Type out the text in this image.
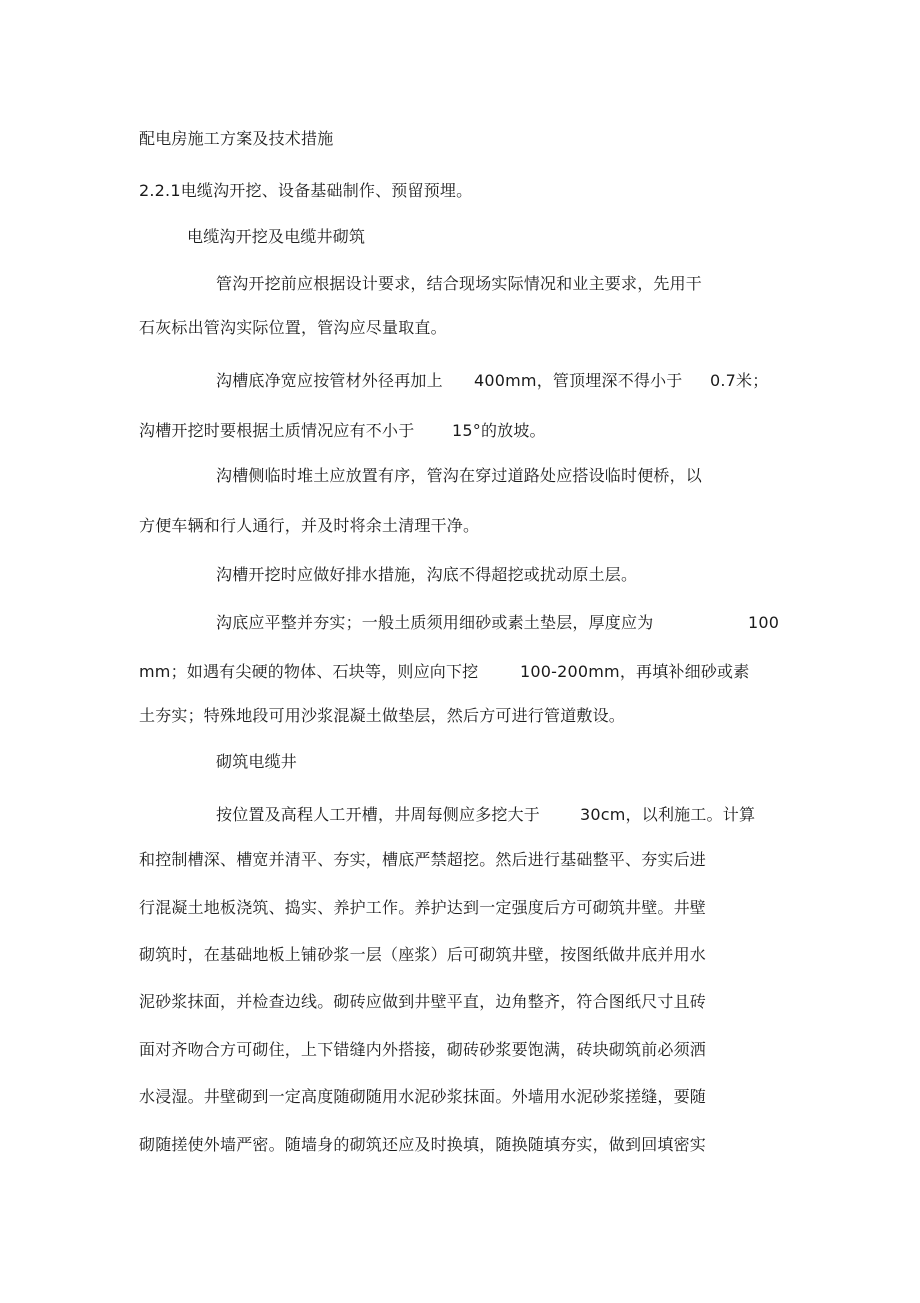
配电房施工方案及技术措施
2.2.1电缆沟开挖、设备基础制作、预留预埋。
电缆沟开挖及电缆井砌筑
管沟开挖前应根据设计要求，结合现场实际情况和业主要求，先用干
石灰标出管沟实际位置，管沟应尽量取直。
沟槽底净宽应按管材外径再加上 400mm，管顶埋深不得小于 0.7米；
沟槽开挖时要根据土质情况应有不小于 15°的放坡。
沟槽侧临时堆土应放置有序，管沟在穿过道路处应搭设临时便桥，以
方便车辆和行人通行，并及时将余土清理干净。
沟槽开挖时应做好排水措施，沟底不得超挖或扰动原土层。
沟底应平整并夯实；一般土质须用细砂或素土垫层，厚度应为	100
mm；如遇有尖硬的物体、石块等，则应向下挖	100-200mm，再填补细砂或素
土夯实；特殊地段可用沙浆混凝土做垫层，然后方可进行管道敷设。
砌筑电缆井
按位置及高程人工开槽，井周每侧应多挖大于 30cm，以利施工。计算
和控制槽深、槽宽并清平、夯实，槽底严禁超挖。然后进行基础整平、夯实后进
行混凝土地板浇筑、捣实、养护工作。养护达到一定强度后方可砌筑井壁。井壁
砌筑时，在基础地板上铺砂浆一层（座浆）后可砌筑井壁，按图纸做井底并用水
泥砂浆抹面，并检查边线。砌砖应做到井壁平直，边角整齐，符合图纸尺寸且砖
面对齐吻合方可砌住，上下错缝内外搭接，砌砖砂浆要饱满，砖块砌筑前必须洒
水浸湿。井壁砌到一定高度随砌随用水泥砂浆抹面。外墙用水泥砂浆搓缝，要随
砌随搓使外墙严密。随墙身的砌筑还应及时换填，随换随填夯实，做到回填密实
